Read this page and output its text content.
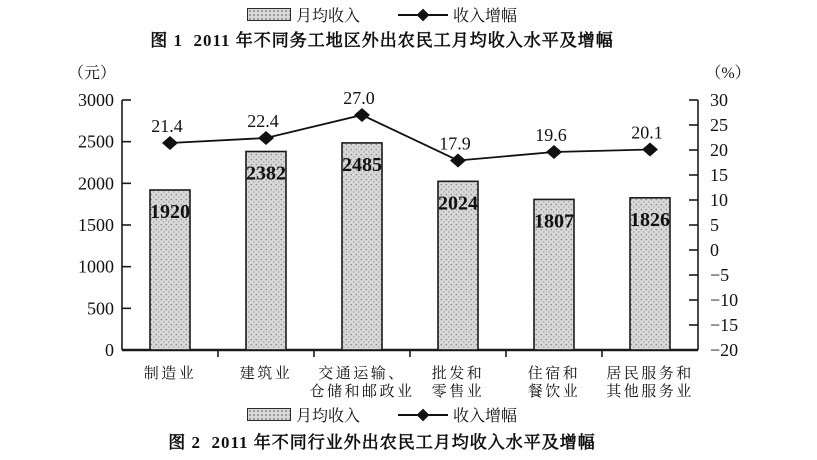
月均收入	收入增幅
图 1  2011 年不同务工地区外出农民工月均收入水平及增幅
0
500
1000
1500
2000
2500
3000
−20
−15
−10
−5
0
5
10
15
20
25
30
（元）	（%）
1920
2382	2485
2024
1807	1826
21.4	22.4
27.0
17.9	19.6	20.1
制造业	建筑业	交通运输、仓储和邮政业
批发和零售业
住宿和餐饮业
居民服务和其他服务业
月均收入	收入增幅
图 2  2011 年不同行业外出农民工月均收入水平及增幅
